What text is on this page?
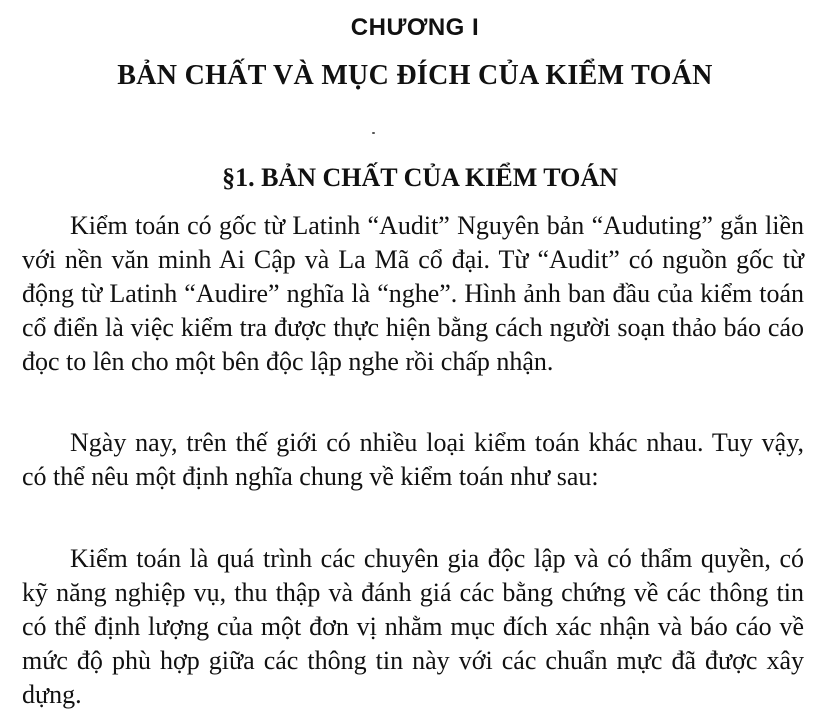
CHƯƠNG I
BẢN CHẤT VÀ MỤC ĐÍCH CỦA KIỂM TOÁN
§1. BẢN CHẤT CỦA KIỂM TOÁN

Kiểm toán có gốc từ Latinh “Audit” Nguyên bản “Auduting” gắn liền với nền văn minh Ai Cập và La Mã cổ đại. Từ “Audit” có nguồn gốc từ động từ Latinh “Audire” nghĩa là “nghe”. Hình ảnh ban đầu của kiểm toán cổ điển là việc kiểm tra được thực hiện bằng cách người soạn thảo báo cáo đọc to lên cho một bên độc lập nghe rồi chấp nhận.

Ngày nay, trên thế giới có nhiều loại kiểm toán khác nhau. Tuy vậy, có thể nêu một định nghĩa chung về kiểm toán như sau:

Kiểm toán là quá trình các chuyên gia độc lập và có thẩm quyền, có kỹ năng nghiệp vụ, thu thập và đánh giá các bằng chứng về các thông tin có thể định lượng của một đơn vị nhằm mục đích xác nhận và báo cáo về mức độ phù hợp giữa các thông tin này với các chuẩn mực đã được xây dựng.
